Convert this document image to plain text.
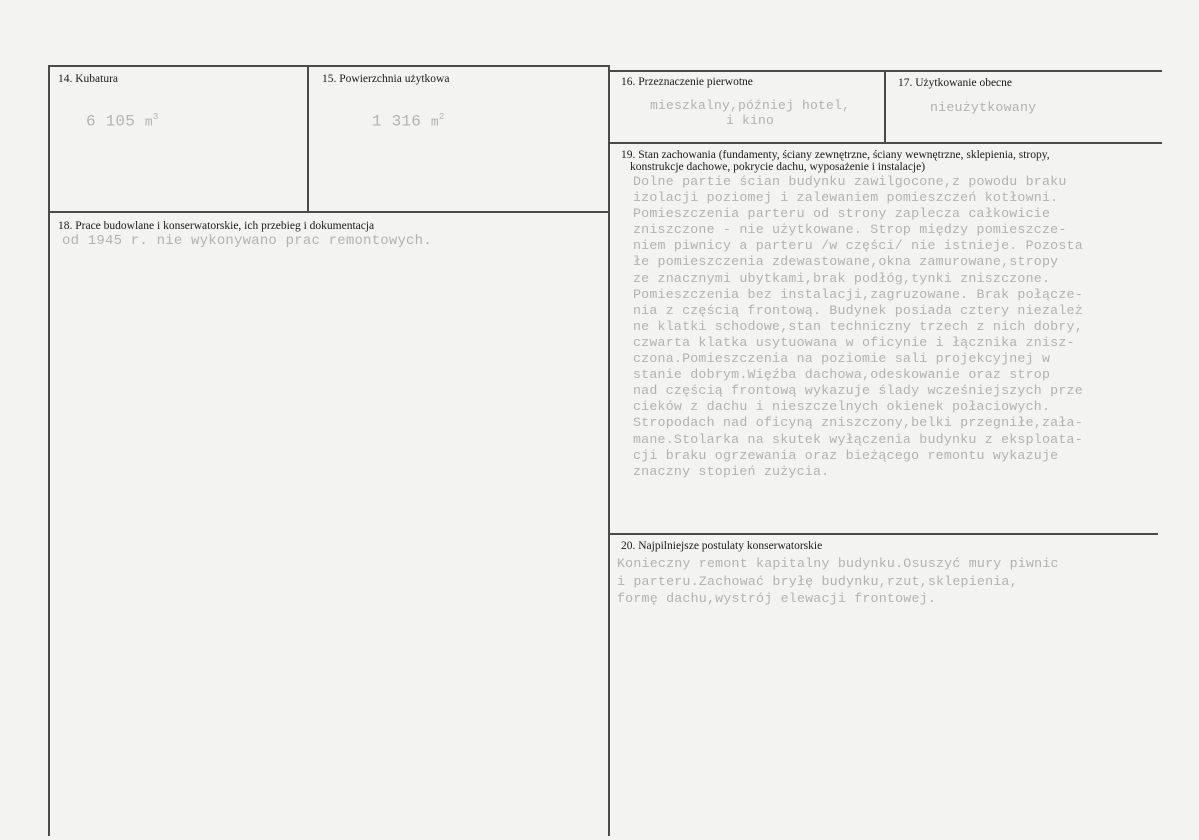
14. Kubatura
6 105 $m^3$
15. Powierzchnia użytkowa
1 316 $m^2$
16. Przeznaczenie pierwotne
mieszkalny,później hotel,
i kino
17. Użytkowanie obecne
nieużytkowany
18. Prace budowlane i konserwatorskie, ich przebieg i dokumentacja
od 1945 r. nie wykonywano prac remontowych.
19. Stan zachowania (fundamenty, ściany zewnętrzne, ściany wewnętrzne, sklepienia, stropy,
konstrukcje dachowe, pokrycie dachu, wyposażenie i instalacje)
Dolne partie ścian budynku zawilgocone,z powodu braku
izolacji poziomej i zalewaniem pomieszczeń kotłowni.
Pomieszczenia parteru od strony zaplecza całkowicie
zniszczone - nie użytkowane. Strop między pomieszcze-
niem piwnicy a parteru /w części/ nie istnieje. Pozosta
łe pomieszczenia zdewastowane,okna zamurowane,stropy
ze znacznymi ubytkami,brak podłóg,tynki zniszczone.
Pomieszczenia bez instalacji,zagruzowane. Brak połącze-
nia z częścią frontową. Budynek posiada cztery niezależ
ne klatki schodowe,stan techniczny trzech z nich dobry,
czwarta klatka usytuowana w oficynie i łącznika znisz-
czona.Pomieszczenia na poziomie sali projekcyjnej w
stanie dobrym.Więźba dachowa,odeskowanie oraz strop
nad częścią frontową wykazuje ślady wcześniejszych prze
cieków z dachu i nieszczelnych okienek połaciowych.
Stropodach nad oficyną zniszczony,belki przegniłe,zała-
mane.Stolarka na skutek wyłączenia budynku z eksploata-
cji braku ogrzewania oraz bieżącego remontu wykazuje
znaczny stopień zużycia.
20. Najpilniejsze postulaty konserwatorskie
Konieczny remont kapitalny budynku.Osuszyć mury piwnic
i parteru.Zachować bryłę budynku,rzut,sklepienia,
formę dachu,wystrój elewacji frontowej.
